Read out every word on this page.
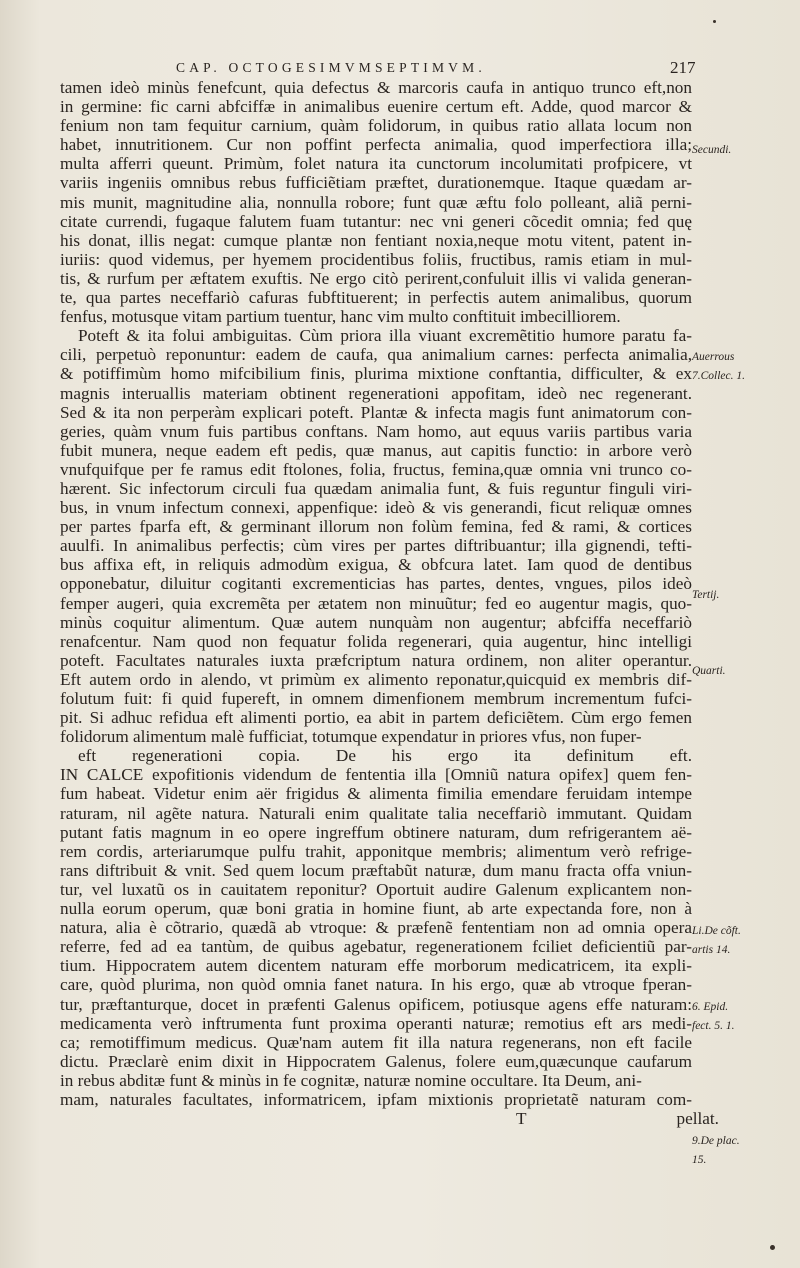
CAP. OCTOGESIMVMSEPTIMVM.	217
tamen ideò minùs fenefcunt, quia defectus & marcoris caufa in antiquo trunco eft,non
in germine: fic carni abfciffæ in animalibus euenire certum eft. Adde, quod marcor &
fenium non tam fequitur carnium, quàm folidorum, in quibus ratio allata locum non
habet, innutritionem. Cur non poffint perfecta animalia, quod imperfectiora illa;
multa afferri queunt. Primùm, folet natura ita cunctorum incolumitati profpicere, vt
variis ingeniis omnibus rebus fufficiẽtiam præftet, durationemque. Itaque quædam ar-
mis munit, magnitudine alia, nonnulla robore; funt quæ æftu folo polleant, aliã perni-
citate currendi, fugaque falutem fuam tutantur: nec vni generi cõcedit omnia; fed quę
his donat, illis negat: cumque plantæ non fentiant noxia,neque motu vitent, patent in-
iuriis: quod videmus, per hyemem procidentibus foliis, fructibus, ramis etiam in mul-
tis, & rurfum per æftatem exuftis. Ne ergo citò perirent,confuluit illis vi valida generan-
te, qua partes neceffariò cafuras fubftituerent; in perfectis autem animalibus, quorum
fenfus, motusque vitam partium tuentur, hanc vim multo conftituit imbecilliorem.
Poteft & ita folui ambiguitas. Cùm priora illa viuant excremẽtitio humore paratu fa-
cili, perpetuò reponuntur: eadem de caufa, qua animalium carnes: perfecta animalia,
& potiffimùm homo mifcibilium finis, plurima mixtione conftantia, difficulter, & ex
magnis interuallis materiam obtinent regenerationi appofitam, ideò nec regenerant.
Sed & ita non perperàm explicari poteft. Plantæ & infecta magis funt animatorum con-
geries, quàm vnum fuis partibus conftans. Nam homo, aut equus variis partibus varia
fubit munera, neque eadem eft pedis, quæ manus, aut capitis functio: in arbore verò
vnufquifque per fe ramus edit ftolones, folia, fructus, femina,quæ omnia vni trunco co-
hærent. Sic infectorum circuli fua quædam animalia funt, & fuis reguntur finguli viri-
bus, in vnum infectum connexi, appenfique: ideò & vis generandi, ficut reliquæ omnes
per partes fparfa eft, & germinant illorum non folùm femina, fed & rami, & cortices
auulfi. In animalibus perfectis; cùm vires per partes diftribuantur; illa gignendi, tefti-
bus affixa eft, in reliquis admodùm exigua, & obfcura latet. Iam quod de dentibus
opponebatur, diluitur cogitanti excrementicias has partes, dentes, vngues, pilos ideò
femper augeri, quia excremẽta per ætatem non minuũtur; fed eo augentur magis, quo-
minùs coquitur alimentum. Quæ autem nunquàm non augentur; abfciffa neceffariò
renafcentur. Nam quod non fequatur folida regenerari, quia augentur, hinc intelligi
poteft. Facultates naturales iuxta præfcriptum natura ordinem, non aliter operantur.
Eft autem ordo in alendo, vt primùm ex alimento reponatur,quicquid ex membris dif-
folutum fuit: fi quid fupereft, in omnem dimenfionem membrum incrementum fufci-
pit. Si adhuc refidua eft alimenti portio, ea abit in partem deficiẽtem. Cùm ergo femen
folidorum alimentum malè fufficiat, totumque expendatur in priores vfus, non fuper-
eft regenerationi copia. De his ergo ita definitum eft.
IN CALCE expofitionis videndum de fententia illa [Omniũ natura opifex] quem fen-
fum habeat. Videtur enim aër frigidus & alimenta fimilia emendare feruidam intempe
raturam, nil agẽte natura. Naturali enim qualitate talia neceffariò immutant. Quidam
putant fatis magnum in eo opere ingreffum obtinere naturam, dum refrigerantem aë-
rem cordis, arteriarumque pulfu trahit, apponitque membris; alimentum verò refrige-
rans diftribuit & vnit. Sed quem locum præftabũt naturæ, dum manu fracta offa vniun-
tur, vel luxatũ os in cauitatem reponitur? Oportuit audire Galenum explicantem non-
nulla eorum operum, quæ boni gratia in homine fiunt, ab arte expectanda fore, non à
natura, alia è cõtrario, quædã ab vtroque: & præfenẽ fententiam non ad omnia opera
referre, fed ad ea tantùm, de quibus agebatur, regenerationem fciliet deficientiũ par-
tium. Hippocratem autem dicentem naturam effe morborum medicatricem, ita expli-
care, quòd plurima, non quòd omnia fanet natura. In his ergo, quæ ab vtroque fperan-
tur, præftanturque, docet in præfenti Galenus opificem, potiusque agens effe naturam:
medicamenta verò inftrumenta funt proxima operanti naturæ; remotius eft ars medi-
ca; remotiffimum medicus. Quæ'nam autem fit illa natura regenerans, non eft facile
dictu. Præclarè enim dixit in Hippocratem Galenus, folere eum,quæcunque caufarum
in rebus abditæ funt & minùs in fe cognitæ, naturæ nomine occultare. Ita Deum, ani-
mam, naturales facultates, informatricem, ipfam mixtionis proprietatẽ naturam com-
T	pellat.
Secundi.
Auerrous
7.Collec. 1.
Tertij.
Quarti.
Li.De cõft.
artis 14.
6. Epid.
fect. 5. 1.
9.De plac.
15.
